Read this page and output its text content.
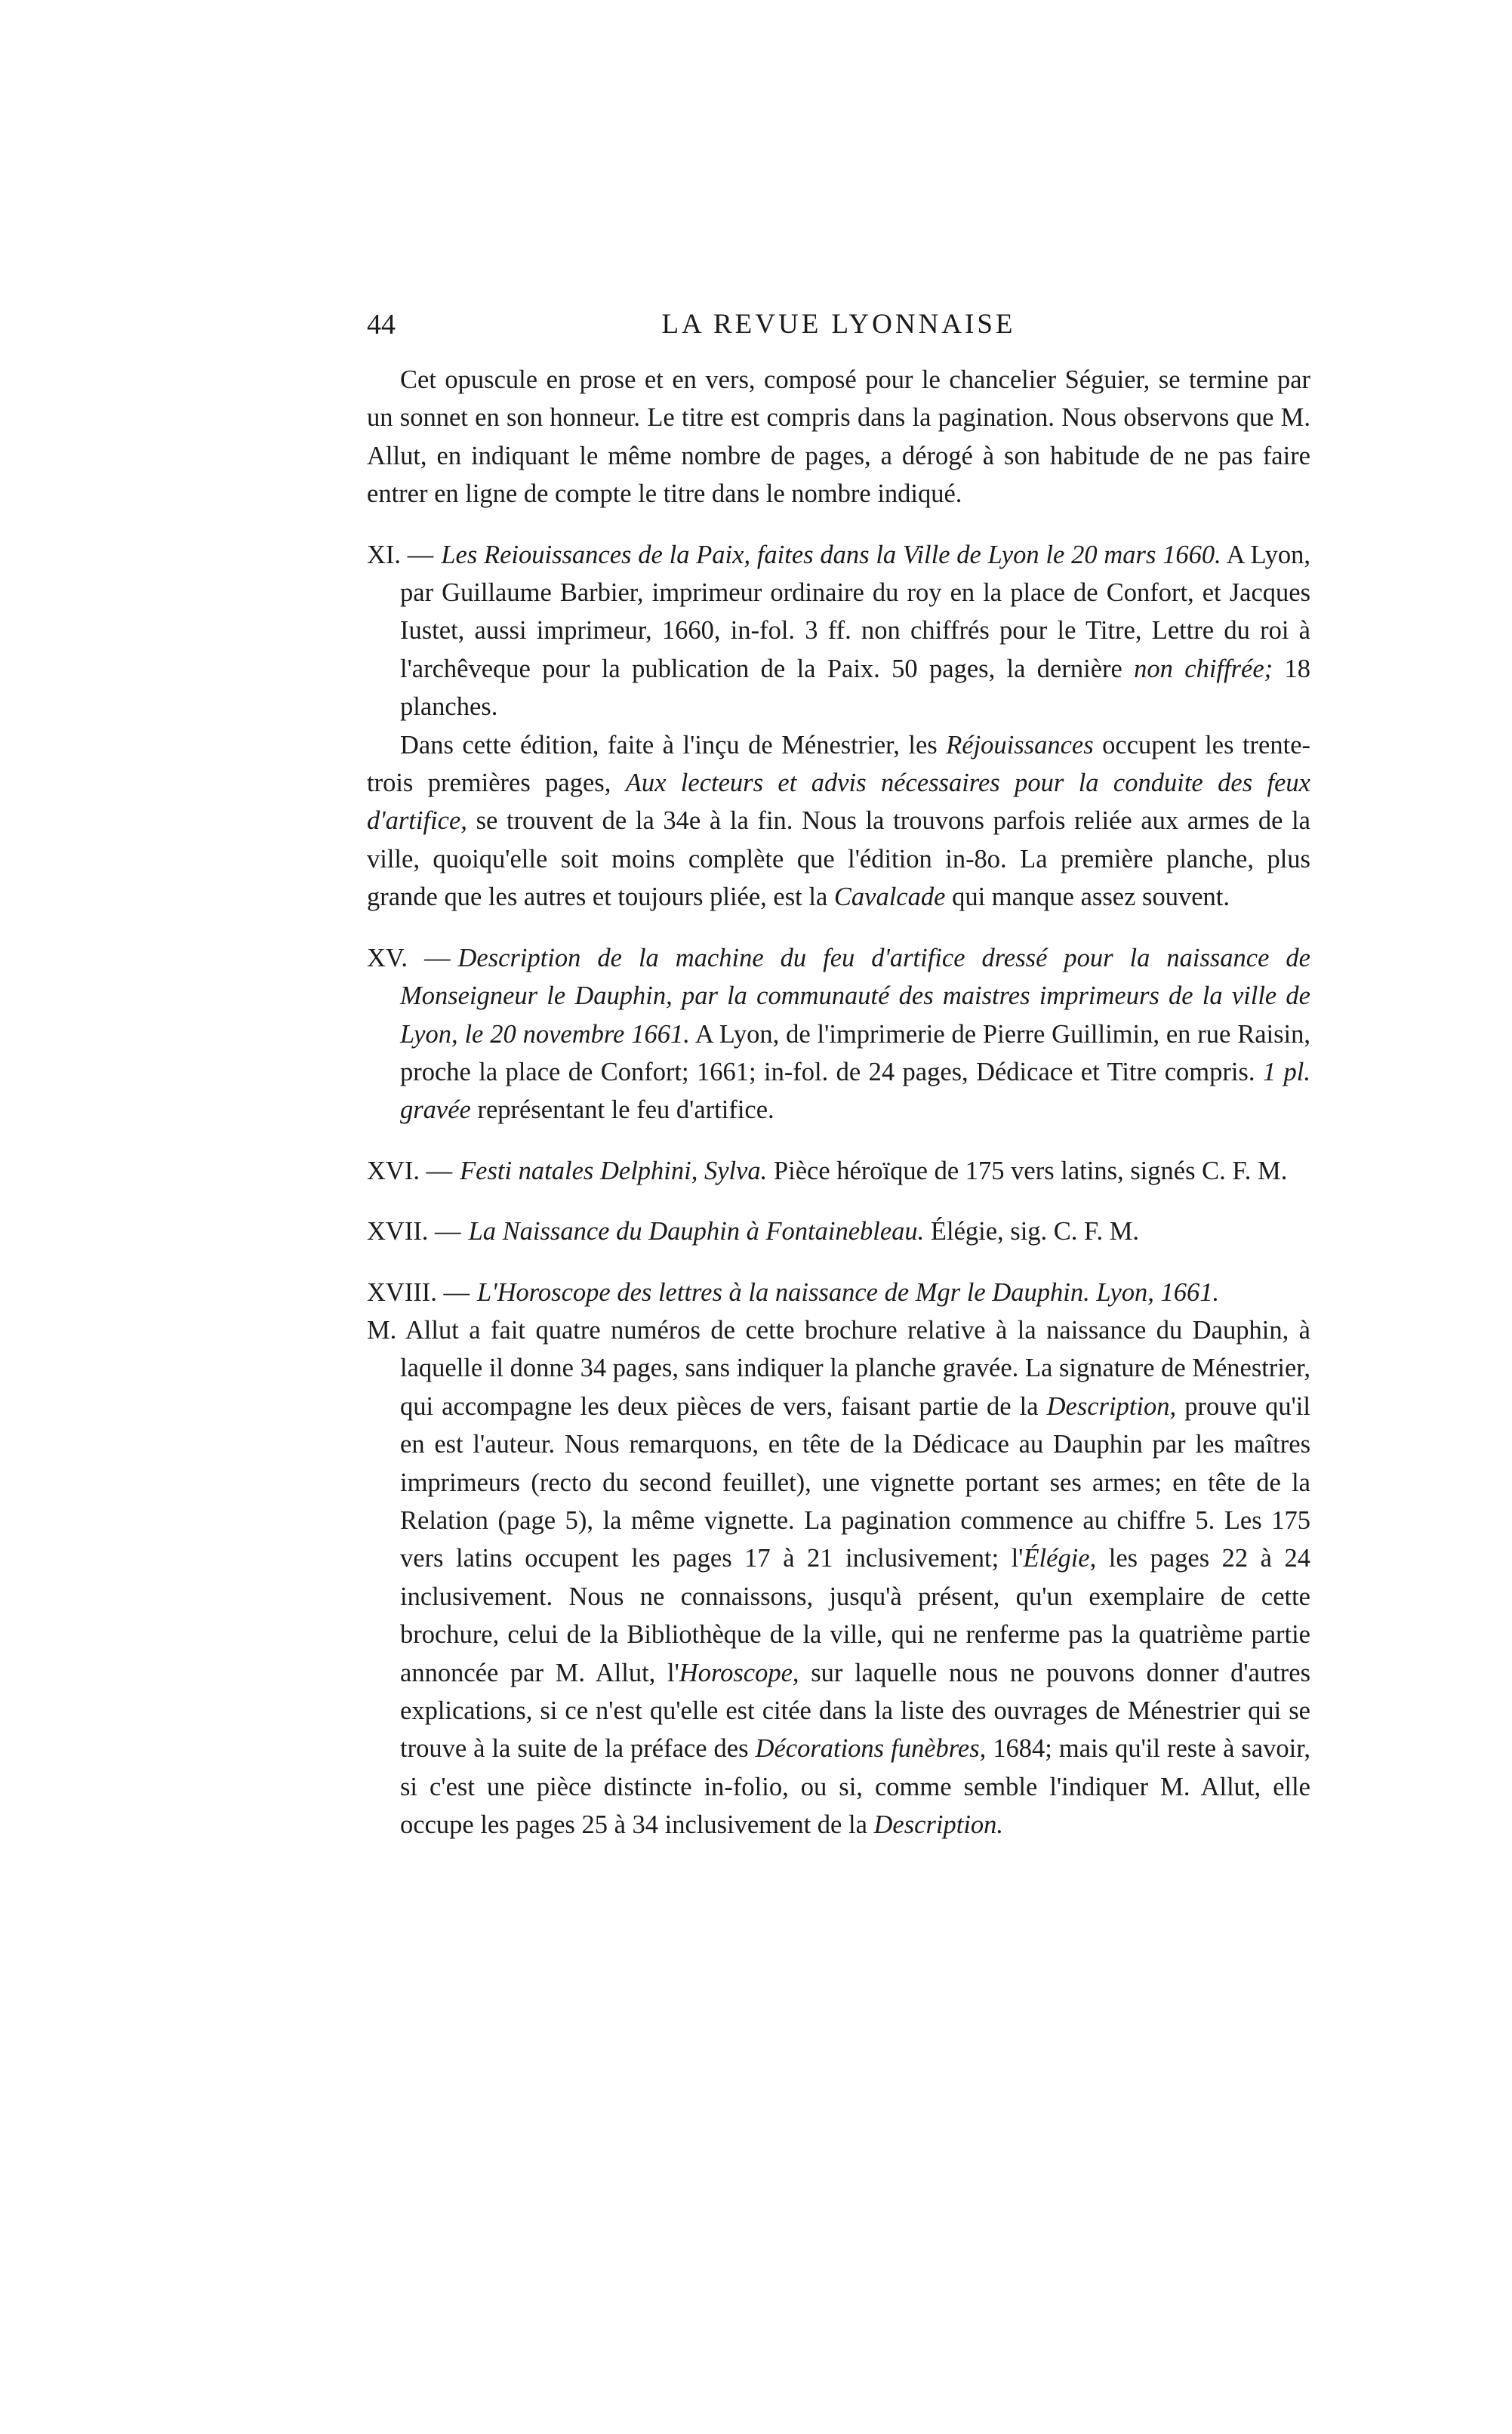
44	LA REVUE LYONNAISE

Cet opuscule en prose et en vers, composé pour le chancelier Séguier, se termine par un sonnet en son honneur. Le titre est compris dans la pagination. Nous observons que M. Allut, en indiquant le même nombre de pages, a dérogé à son habitude de ne pas faire entrer en ligne de compte le titre dans le nombre indiqué.

XI. — Les Reiouissances de la Paix, faites dans la Ville de Lyon le 20 mars 1660. A Lyon, par Guillaume Barbier, imprimeur ordinaire du roy en la place de Confort, et Jacques Iustet, aussi imprimeur, 1660, in-fol. 3 ff. non chiffrés pour le Titre, Lettre du roi à l'archêveque pour la publication de la Paix. 50 pages, la dernière non chiffrée; 18 planches.

Dans cette édition, faite à l'inçu de Ménestrier, les Réjouissances occupent les trente-trois premières pages, Aux lecteurs et advis nécessaires pour la conduite des feux d'artifice, se trouvent de la 34e à la fin. Nous la trouvons parfois reliée aux armes de la ville, quoiqu'elle soit moins complète que l'édition in-8o. La première planche, plus grande que les autres et toujours pliée, est la Cavalcade qui manque assez souvent.

XV. — Description de la machine du feu d'artifice dressé pour la naissance de Monseigneur le Dauphin, par la communauté des maistres imprimeurs de la ville de Lyon, le 20 novembre 1661. A Lyon, de l'imprimerie de Pierre Guillimin, en rue Raisin, proche la place de Confort; 1661; in-fol. de 24 pages, Dédicace et Titre compris. 1 pl. gravée représentant le feu d'artifice.

XVI. — Festi natales Delphini, Sylva. Pièce héroïque de 175 vers latins, signés C. F. M.

XVII. — La Naissance du Dauphin à Fontainebleau. Élégie, sig. C. F. M.

XVIII. — L'Horoscope des lettres à la naissance de Mgr le Dauphin. Lyon, 1661.

M. Allut a fait quatre numéros de cette brochure relative à la naissance du Dauphin, à laquelle il donne 34 pages, sans indiquer la planche gravée. La signature de Ménestrier, qui accompagne les deux pièces de vers, faisant partie de la Description, prouve qu'il en est l'auteur. Nous remarquons, en tête de la Dédicace au Dauphin par les maîtres imprimeurs (recto du second feuillet), une vignette portant ses armes; en tête de la Relation (page 5), la même vignette. La pagination commence au chiffre 5. Les 175 vers latins occupent les pages 17 à 21 inclusivement; l'Élégie, les pages 22 à 24 inclusivement. Nous ne connaissons, jusqu'à présent, qu'un exemplaire de cette brochure, celui de la Bibliothèque de la ville, qui ne renferme pas la quatrième partie annoncée par M. Allut, l'Horoscope, sur laquelle nous ne pouvons donner d'autres explications, si ce n'est qu'elle est citée dans la liste des ouvrages de Ménestrier qui se trouve à la suite de la préface des Décorations funèbres, 1684; mais qu'il reste à savoir, si c'est une pièce distincte in-folio, ou si, comme semble l'indiquer M. Allut, elle occupe les pages 25 à 34 inclusivement de la Description.
